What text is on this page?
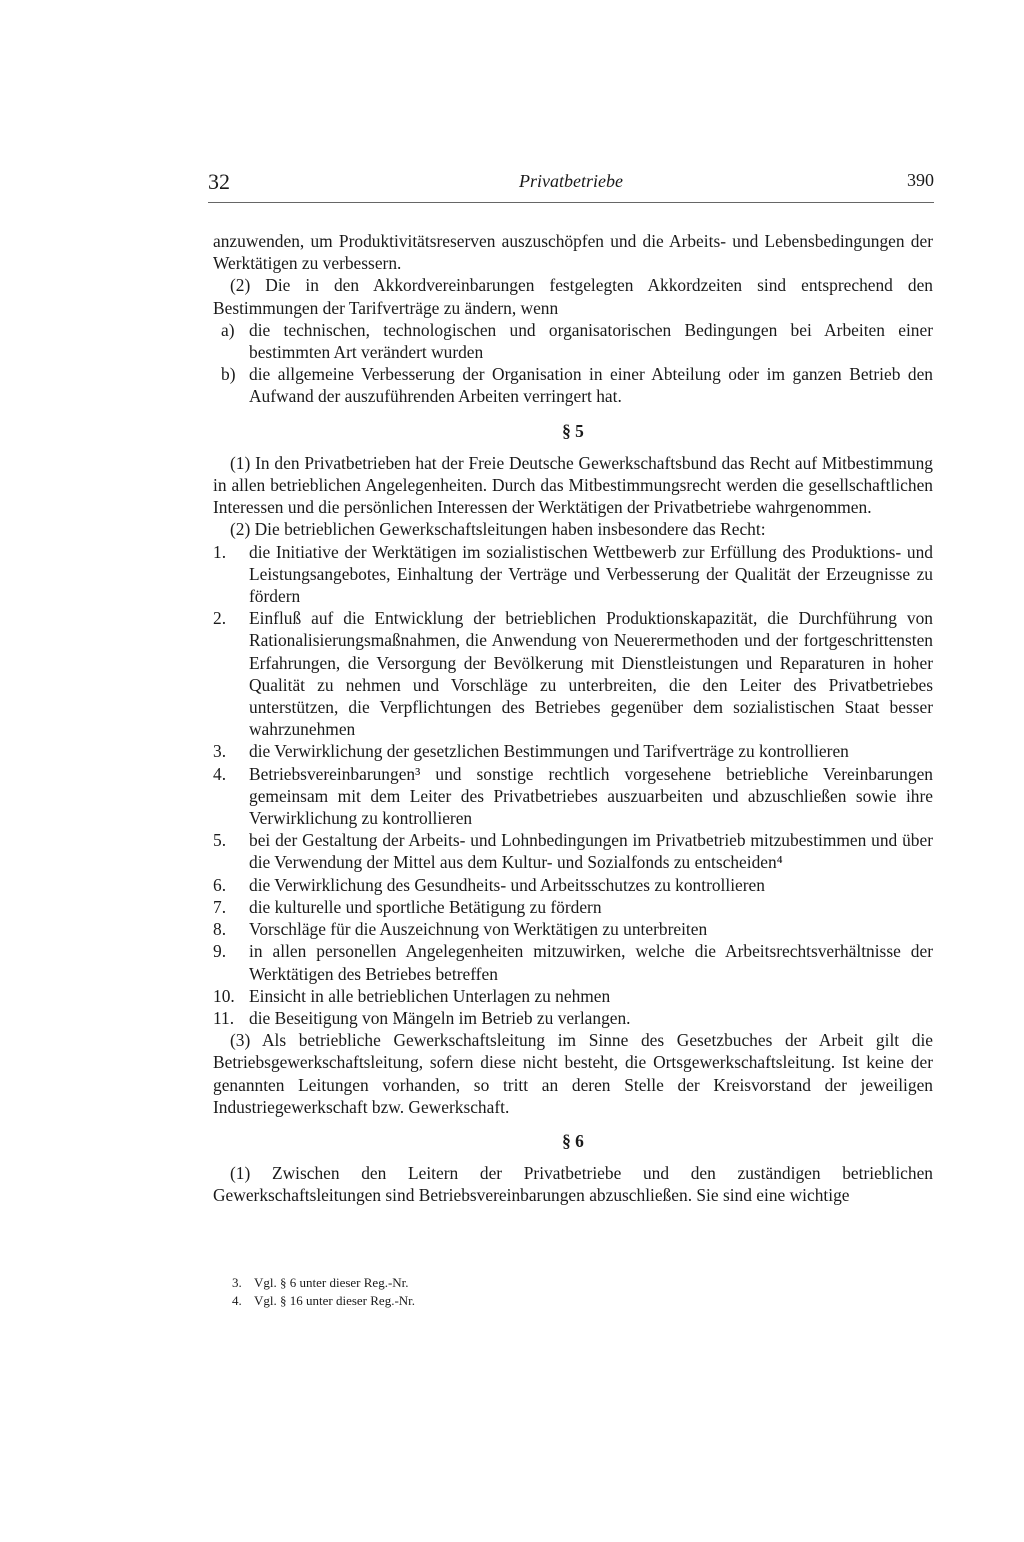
32	Privatbetriebe	390

anzuwenden, um Produktivitätsreserven auszuschöpfen und die Arbeits- und Lebensbedingungen der Werktätigen zu verbessern.

(2) Die in den Akkordvereinbarungen festgelegten Akkordzeiten sind entsprechend den Bestimmungen der Tarifverträge zu ändern, wenn

a) die technischen, technologischen und organisatorischen Bedingungen bei Arbeiten einer bestimmten Art verändert wurden
b) die allgemeine Verbesserung der Organisation in einer Abteilung oder im ganzen Betrieb den Aufwand der auszuführenden Arbeiten verringert hat.
§ 5

(1) In den Privatbetrieben hat der Freie Deutsche Gewerkschaftsbund das Recht auf Mitbestimmung in allen betrieblichen Angelegenheiten. Durch das Mitbestimmungsrecht werden die gesellschaftlichen Interessen und die persönlichen Interessen der Werktätigen der Privatbetriebe wahrgenommen.

(2) Die betrieblichen Gewerkschaftsleitungen haben insbesondere das Recht:

1.	die Initiative der Werktätigen im sozialistischen Wettbewerb zur Erfüllung des Produktions- und Leistungsangebotes, Einhaltung der Verträge und Verbesserung der Qualität der Erzeugnisse zu fördern
2.	Einfluß auf die Entwicklung der betrieblichen Produktionskapazität, die Durchführung von Rationalisierungsmaßnahmen, die Anwendung von Neuerermethoden und der fortgeschrittensten Erfahrungen, die Versorgung der Bevölkerung mit Dienstleistungen und Reparaturen in hoher Qualität zu nehmen und Vorschläge zu unterbreiten, die den Leiter des Privatbetriebes unterstützen, die Verpflichtungen des Betriebes gegenüber dem sozialistischen Staat besser wahrzunehmen
3.	die Verwirklichung der gesetzlichen Bestimmungen und Tarifverträge zu kontrollieren
4.	Betriebsvereinbarungen³ und sonstige rechtlich vorgesehene betriebliche Vereinbarungen gemeinsam mit dem Leiter des Privatbetriebes auszuarbeiten und abzuschließen sowie ihre Verwirklichung zu kontrollieren
5.	bei der Gestaltung der Arbeits- und Lohnbedingungen im Privatbetrieb mitzubestimmen und über die Verwendung der Mittel aus dem Kultur- und Sozialfonds zu entscheiden⁴
6.	die Verwirklichung des Gesundheits- und Arbeitsschutzes zu kontrollieren
7.	die kulturelle und sportliche Betätigung zu fördern
8.	Vorschläge für die Auszeichnung von Werktätigen zu unterbreiten
9.	in allen personellen Angelegenheiten mitzuwirken, welche die Arbeitsrechtsverhältnisse der Werktätigen des Betriebes betreffen
10. Einsicht in alle betrieblichen Unterlagen zu nehmen
11. die Beseitigung von Mängeln im Betrieb zu verlangen.

(3) Als betriebliche Gewerkschaftsleitung im Sinne des Gesetzbuches der Arbeit gilt die Betriebsgewerkschaftsleitung, sofern diese nicht besteht, die Ortsgewerkschaftsleitung. Ist keine der genannten Leitungen vorhanden, so tritt an deren Stelle der Kreisvorstand der jeweiligen Industriegewerkschaft bzw. Gewerkschaft.

§ 6

(1) Zwischen den Leitern der Privatbetriebe und den zuständigen betrieblichen Gewerkschaftsleitungen sind Betriebsvereinbarungen abzuschließen. Sie sind eine wichtige

3. Vgl. § 6 unter dieser Reg.-Nr.
4. Vgl. § 16 unter dieser Reg.-Nr.
